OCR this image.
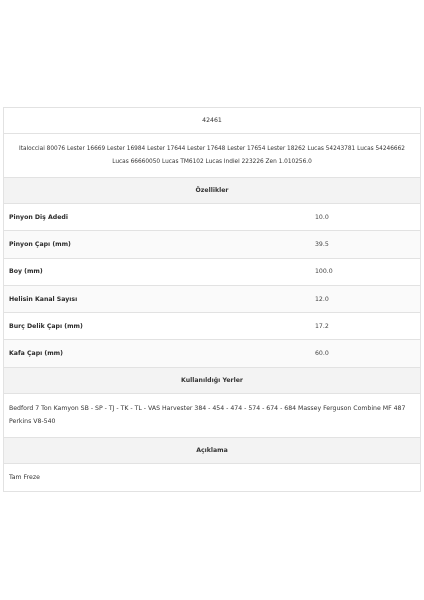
42461
Italocciai 80076 Lester 16669 Lester 16984 Lester 17644 Lester 17648 Lester 17654 Lester 18262 Lucas 54243781 Lucas 54246662 Lucas 66660050 Lucas TM6102 Lucas Indiel 223226 Zen 1.010256.0
Özellikler
Pinyon Diş Adedi	10.0
Pinyon Çapı (mm)	39.5
Boy (mm)	100.0
Helisin Kanal Sayısı	12.0
Burç Delik Çapı (mm)	17.2
Kafa Çapı (mm)	60.0
Kullanıldığı Yerler
Bedford 7 Ton Kamyon SB - SP - TJ - TK - TL - VAS Harvester 384 - 454 - 474 - 574 - 674 - 684 Massey Ferguson Combine MF 487 Perkins V8-540
Açıklama
Tam Freze
